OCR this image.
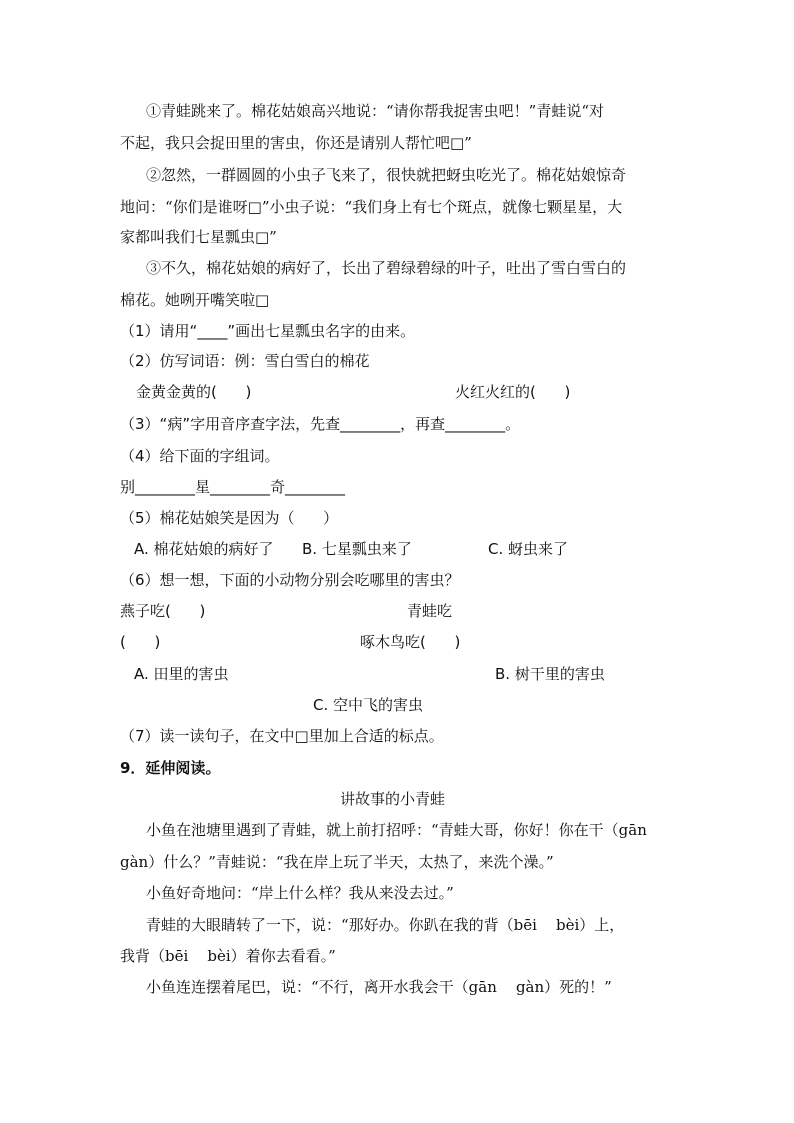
①青蛙跳来了。棉花姑娘高兴地说：“请你帮我捉害虫吧！”青蛙说“对
不起，我只会捉田里的害虫，你还是请别人帮忙吧□”
②忽然，一群圆圆的小虫子飞来了，很快就把蚜虫吃光了。棉花姑娘惊奇
地问：“你们是谁呀□”小虫子说：“我们身上有七个斑点，就像七颗星星，大
家都叫我们七星瓢虫□”
③不久，棉花姑娘的病好了，长出了碧绿碧绿的叶子，吐出了雪白雪白的
棉花。她咧开嘴笑啦□
（1）请用“____”画出七星瓢虫名字的由来。
（2）仿写词语：例：雪白雪白的棉花
金黄金黄的(      )	火红火红的(      )
（3）“病”字用音序查字法，先查________，再查________。
（4）给下面的字组词。
别________星________奇________
（5）棉花姑娘笑是因为（      ）
A. 棉花姑娘的病好了 B. 七星瓢虫来了	C. 蚜虫来了
（6）想一想，下面的小动物分别会吃哪里的害虫？
燕子吃(      )	青蛙吃
(      )	啄木鸟吃(      )
A. 田里的害虫	B. 树干里的害虫
C. 空中飞的害虫
（7）读一读句子，在文中□里加上合适的标点。
9．延伸阅读。
讲故事的小青蛙
小鱼在池塘里遇到了青蛙，就上前打招呼：“青蛙大哥，你好！你在干（gān
gàn）什么？”青蛙说：“我在岸上玩了半天，太热了，来洗个澡。”
小鱼好奇地问：“岸上什么样？我从来没去过。”
青蛙的大眼睛转了一下，说：“那好办。你趴在我的背（bēi    bèi）上，
我背（bēi    bèi）着你去看看。”
小鱼连连摆着尾巴，说：“不行，离开水我会干（gān    gàn）死的！”
